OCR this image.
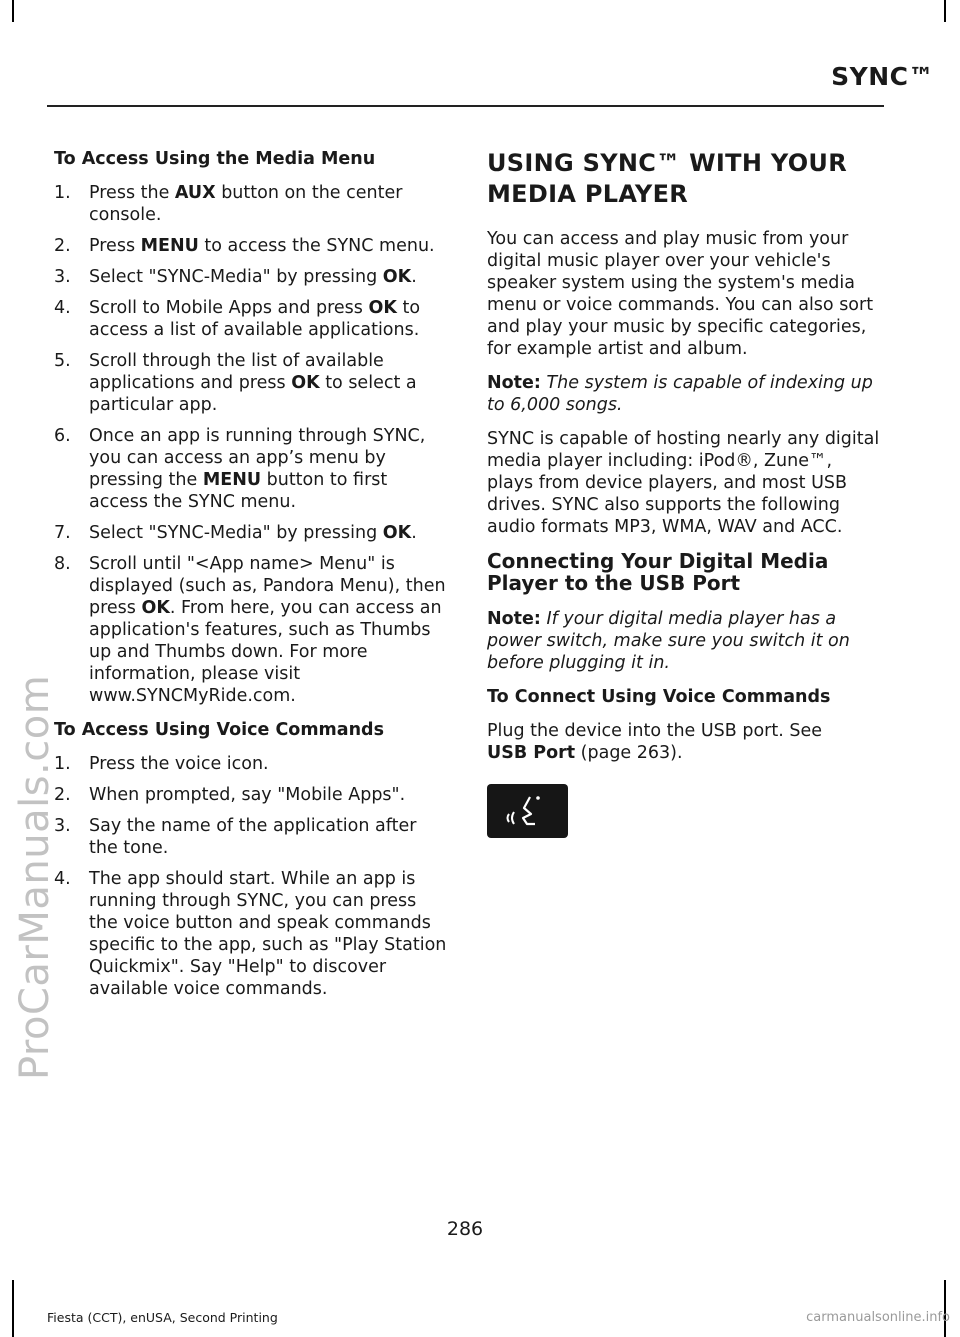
SYNC™
ProCarManuals.com
To Access Using the Media Menu
1. Press the AUX button on the center console.
2. Press MENU to access the SYNC menu.
3. Select "SYNC-Media" by pressing OK.
4. Scroll to Mobile Apps and press OK to access a list of available applications.
5. Scroll through the list of available applications and press OK to select a particular app.
6. Once an app is running through SYNC, you can access an app’s menu by pressing the MENU button to first access the SYNC menu.
7. Select "SYNC-Media" by pressing OK.
8. Scroll until "<App name> Menu" is displayed (such as, Pandora Menu), then press OK. From here, you can access an application's features, such as Thumbs up and Thumbs down. For more information, please visit www.SYNCMyRide.com.
To Access Using Voice Commands
1. Press the voice icon.
2. When prompted, say "Mobile Apps".
3. Say the name of the application after the tone.
4. The app should start. While an app is running through SYNC, you can press the voice button and speak commands specific to the app, such as "Play Station Quickmix". Say "Help" to discover available voice commands.
USING SYNC™ WITH YOUR
MEDIA PLAYER

You can access and play music from your digital music player over your vehicle's speaker system using the system's media menu or voice commands. You can also sort and play your music by specific categories, for example artist and album.

Note: The system is capable of indexing up to 6,000 songs.

SYNC is capable of hosting nearly any digital media player including: iPod®, Zune™, plays from device players, and most USB drives. SYNC also supports the following audio formats MP3, WMA, WAV and ACC.

Connecting Your Digital Media
Player to the USB Port

Note: If your digital media player has a power switch, make sure you switch it on before plugging it in.

To Connect Using Voice Commands

Plug the device into the USB port. See
USB Port (page 263).

286
Fiesta (CCT), enUSA, Second Printing	carmanualsonline.info
